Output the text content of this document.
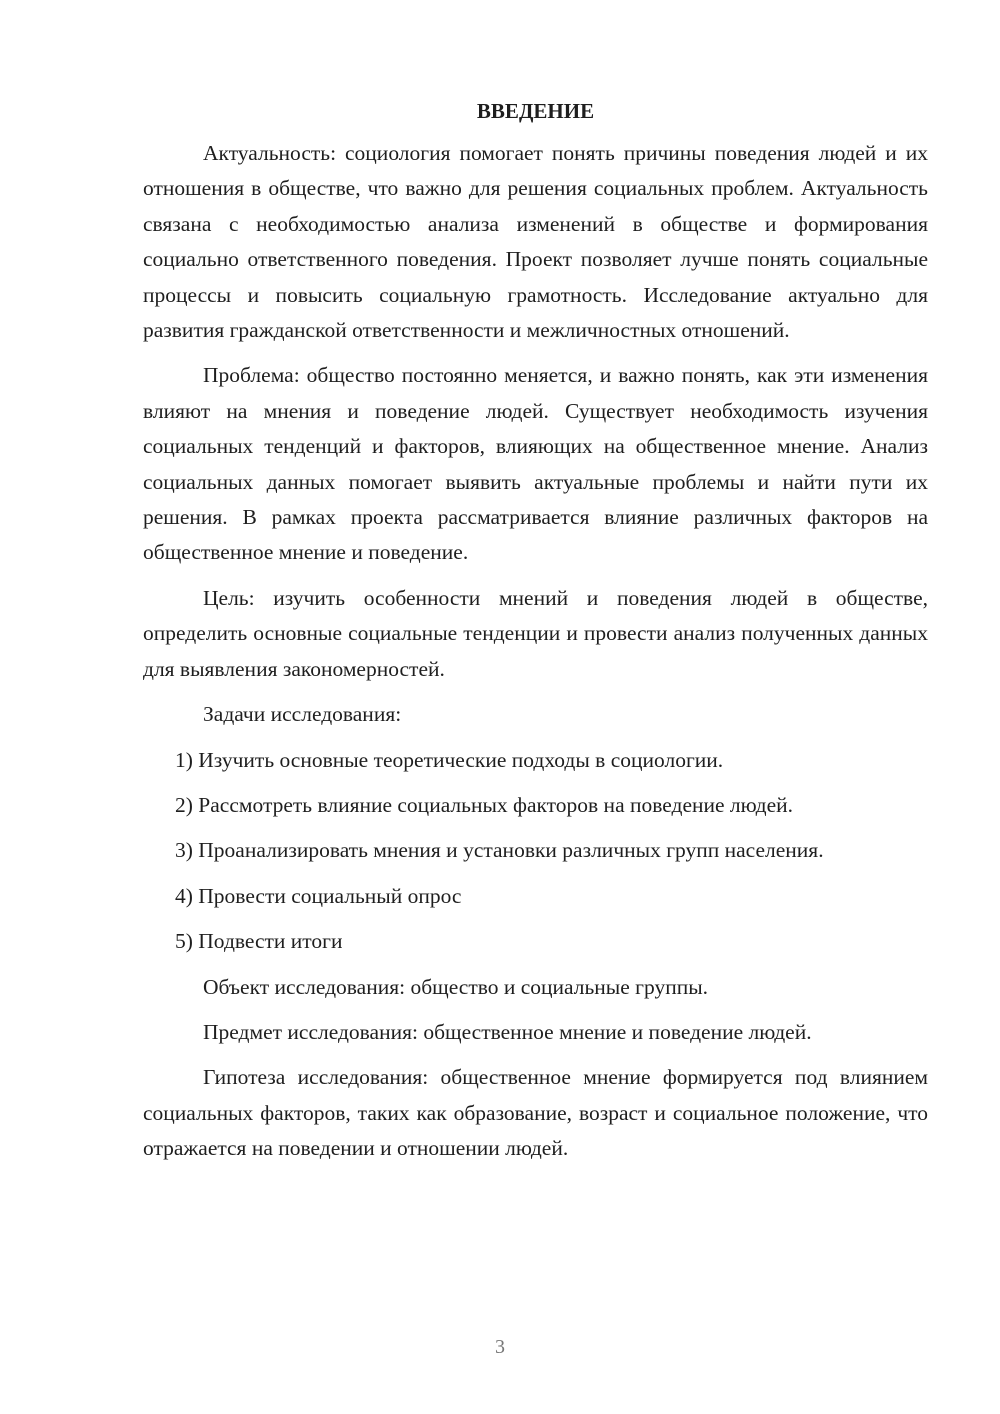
ВВЕДЕНИЕ

Актуальность: социология помогает понять причины поведения людей и их отношения в обществе, что важно для решения социальных проблем. Актуальность связана с необходимостью анализа изменений в обществе и формирования социально ответственного поведения. Проект позволяет лучше понять социальные процессы и повысить социальную грамотность. Исследование актуально для развития гражданской ответственности и межличностных отношений.

Проблема: общество постоянно меняется, и важно понять, как эти изменения влияют на мнения и поведение людей. Существует необходимость изучения социальных тенденций и факторов, влияющих на общественное мнение. Анализ социальных данных помогает выявить актуальные проблемы и найти пути их решения. В рамках проекта рассматривается влияние различных факторов на общественное мнение и поведение.

Цель: изучить особенности мнений и поведения людей в обществе, определить основные социальные тенденции и провести анализ полученных данных для выявления закономерностей.

Задачи исследования:

1) Изучить основные теоретические подходы в социологии.
2) Рассмотреть влияние социальных факторов на поведение людей.
3) Проанализировать мнения и установки различных групп населения.
4) Провести социальный опрос
5) Подвести итоги

Объект исследования: общество и социальные группы.

Предмет исследования: общественное мнение и поведение людей.

Гипотеза исследования: общественное мнение формируется под влиянием социальных факторов, таких как образование, возраст и социальное положение, что отражается на поведении и отношении людей.

3
